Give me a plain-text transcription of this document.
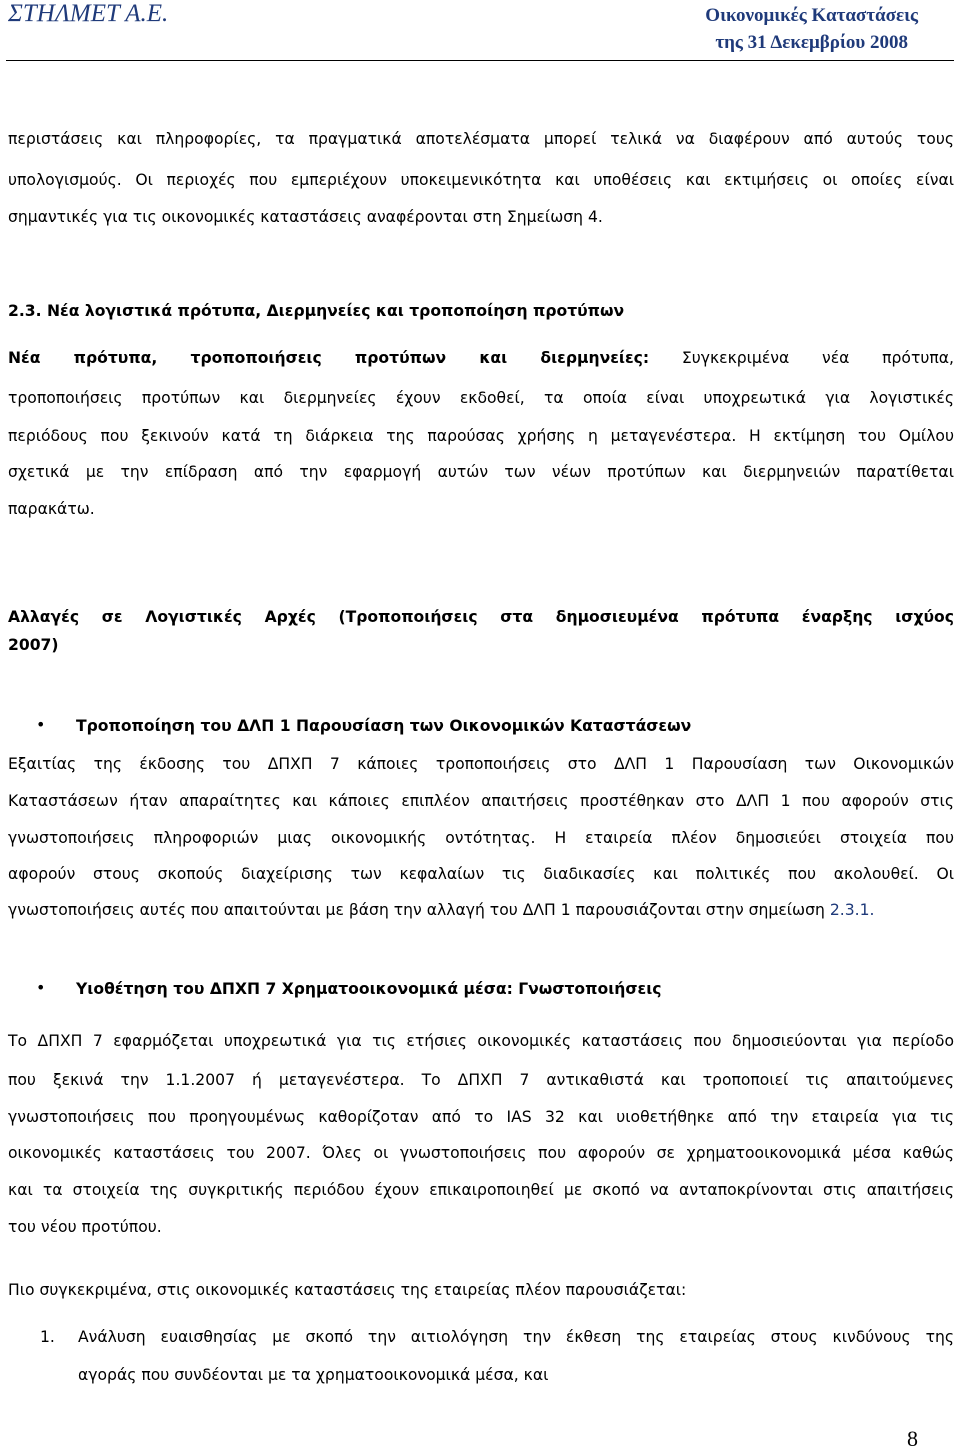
ΣΤΗΛΜΕΤ Α.Ε.	Οικονομικές Καταστάσεις
της 31 Δεκεμβρίου 2008
περιστάσεις και πληροφορίες, τα πραγματικά αποτελέσματα μπορεί τελικά να διαφέρουν από αυτούς τους
υπολογισμούς. Οι περιοχές που εμπεριέχουν υποκειμενικότητα και υποθέσεις και εκτιμήσεις οι οποίες είναι
σημαντικές για τις οικονομικές καταστάσεις αναφέρονται στη Σημείωση 4.
2.3. Νέα λογιστικά πρότυπα, Διερμηνείες και τροποποίηση προτύπων
Νέα πρότυπα, τροποποιήσεις προτύπων και διερμηνείες: Συγκεκριμένα νέα πρότυπα,
τροποποιήσεις προτύπων και διερμηνείες έχουν εκδοθεί, τα οποία είναι υποχρεωτικά για λογιστικές
περιόδους που ξεκινούν κατά τη διάρκεια της παρούσας χρήσης η μεταγενέστερα. Η εκτίμηση του Ομίλου
σχετικά με την επίδραση από την εφαρμογή αυτών των νέων προτύπων και διερμηνειών παρατίθεται
παρακάτω.
Αλλαγές σε Λογιστικές Αρχές (Τροποποιήσεις στα δημοσιευμένα πρότυπα έναρξης ισχύος
2007)
• Τροποποίηση του ΔΛΠ 1 Παρουσίαση των Οικονομικών Καταστάσεων
Εξαιτίας της έκδοσης του ΔΠΧΠ 7 κάποιες τροποποιήσεις στο ΔΛΠ 1 Παρουσίαση των Οικονομικών
Καταστάσεων ήταν απαραίτητες και κάποιες επιπλέον απαιτήσεις προστέθηκαν στο ΔΛΠ 1 που αφορούν στις
γνωστοποιήσεις πληροφοριών μιας οικονομικής οντότητας. Η εταιρεία πλέον δημοσιεύει στοιχεία που
αφορούν στους σκοπούς διαχείρισης των κεφαλαίων τις διαδικασίες και πολιτικές που ακολουθεί. Οι
γνωστοποιήσεις αυτές που απαιτούνται με βάση την αλλαγή του ΔΛΠ 1 παρουσιάζονται στην σημείωση 2.3.1.
• Υιοθέτηση του ΔΠΧΠ 7 Χρηματοοικονομικά μέσα: Γνωστοποιήσεις
Το ΔΠΧΠ 7 εφαρμόζεται υποχρεωτικά για τις ετήσιες οικονομικές καταστάσεις που δημοσιεύονται για περίοδο
που ξεκινά την 1.1.2007 ή μεταγενέστερα. Το ΔΠΧΠ 7 αντικαθιστά και τροποποιεί τις απαιτούμενες
γνωστοποιήσεις που προηγουμένως καθορίζοταν από το IAS 32 και υιοθετήθηκε από την εταιρεία για τις
οικονομικές καταστάσεις του 2007. Όλες οι γνωστοποιήσεις που αφορούν σε χρηματοοικονομικά μέσα καθώς
και τα στοιχεία της συγκριτικής περιόδου έχουν επικαιροποιηθεί με σκοπό να ανταποκρίνονται στις απαιτήσεις
του νέου προτύπου.
Πιο συγκεκριμένα, στις οικονομικές καταστάσεις της εταιρείας πλέον παρουσιάζεται:
1. Ανάλυση ευαισθησίας με σκοπό την αιτιολόγηση την έκθεση της εταιρείας στους κινδύνους της
αγοράς που συνδέονται με τα χρηματοοικονομικά μέσα, και
8
